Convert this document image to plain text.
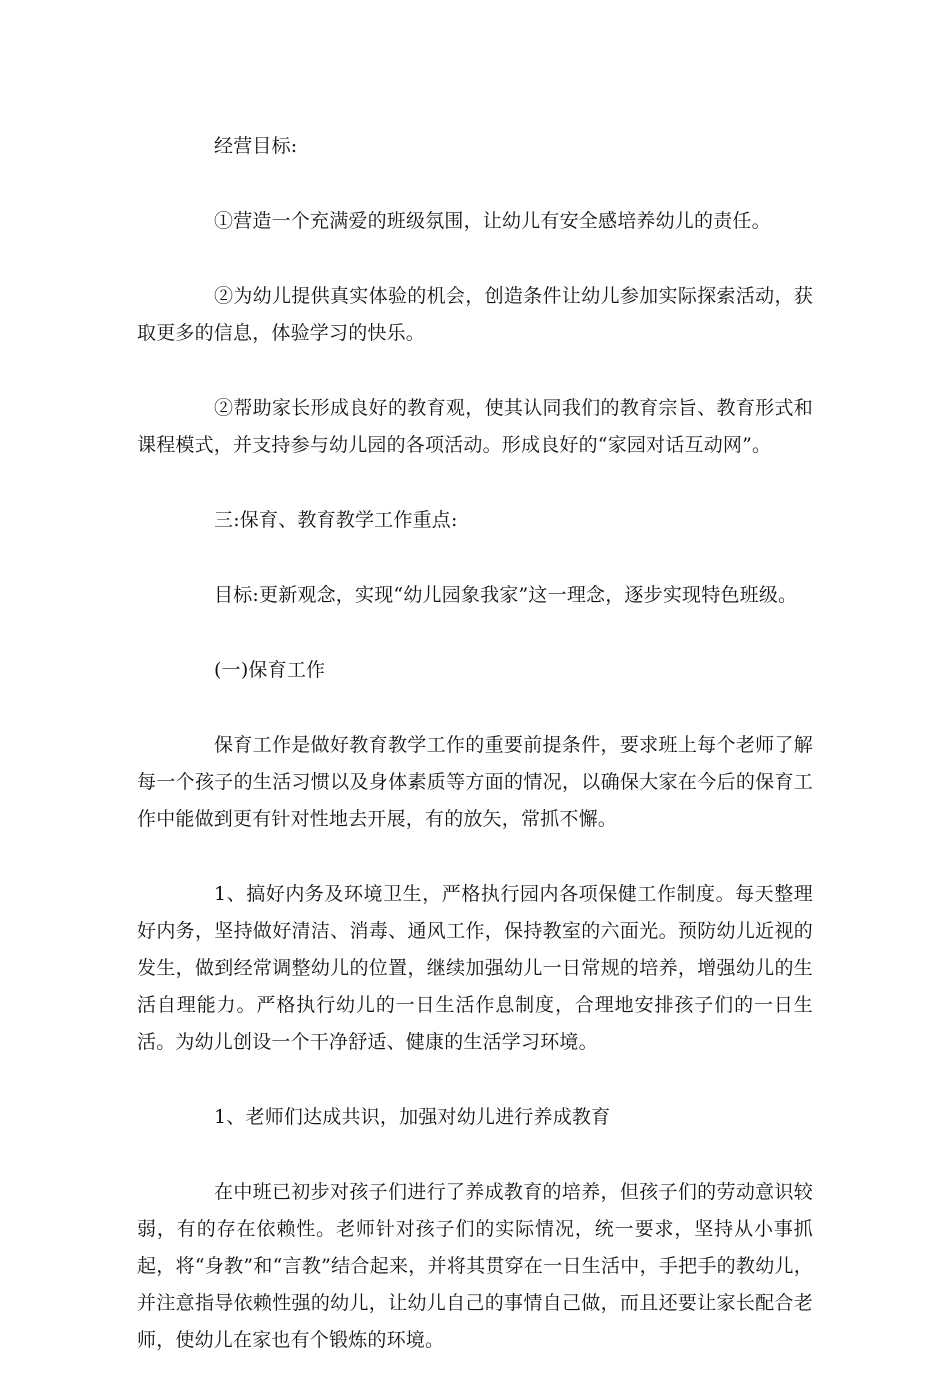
经营目标:

①营造一个充满爱的班级氛围，让幼儿有安全感培养幼儿的责任。

②为幼儿提供真实体验的机会，创造条件让幼儿参加实际探索活动，获取更多的信息，体验学习的快乐。

②帮助家长形成良好的教育观，使其认同我们的教育宗旨、教育形式和课程模式，并支持参与幼儿园的各项活动。形成良好的“家园对话互动网”。

三:保育、教育教学工作重点:

目标:更新观念，实现“幼儿园象我家”这一理念，逐步实现特色班级。

(一)保育工作

保育工作是做好教育教学工作的重要前提条件，要求班上每个老师了解每一个孩子的生活习惯以及身体素质等方面的情况，以确保大家在今后的保育工作中能做到更有针对性地去开展，有的放矢，常抓不懈。

1、搞好内务及环境卫生，严格执行园内各项保健工作制度。每天整理好内务，坚持做好清洁、消毒、通风工作，保持教室的六面光。预防幼儿近视的发生，做到经常调整幼儿的位置，继续加强幼儿一日常规的培养，增强幼儿的生活自理能力。严格执行幼儿的一日生活作息制度，合理地安排孩子们的一日生活。为幼儿创设一个干净舒适、健康的生活学习环境。

1、老师们达成共识，加强对幼儿进行养成教育

在中班已初步对孩子们进行了养成教育的培养，但孩子们的劳动意识较弱，有的存在依赖性。老师针对孩子们的实际情况，统一要求，坚持从小事抓起，将“身教”和“言教”结合起来，并将其贯穿在一日生活中，手把手的教幼儿，并注意指导依赖性强的幼儿，让幼儿自己的事情自己做，而且还要让家长配合老师，使幼儿在家也有个锻炼的环境。
